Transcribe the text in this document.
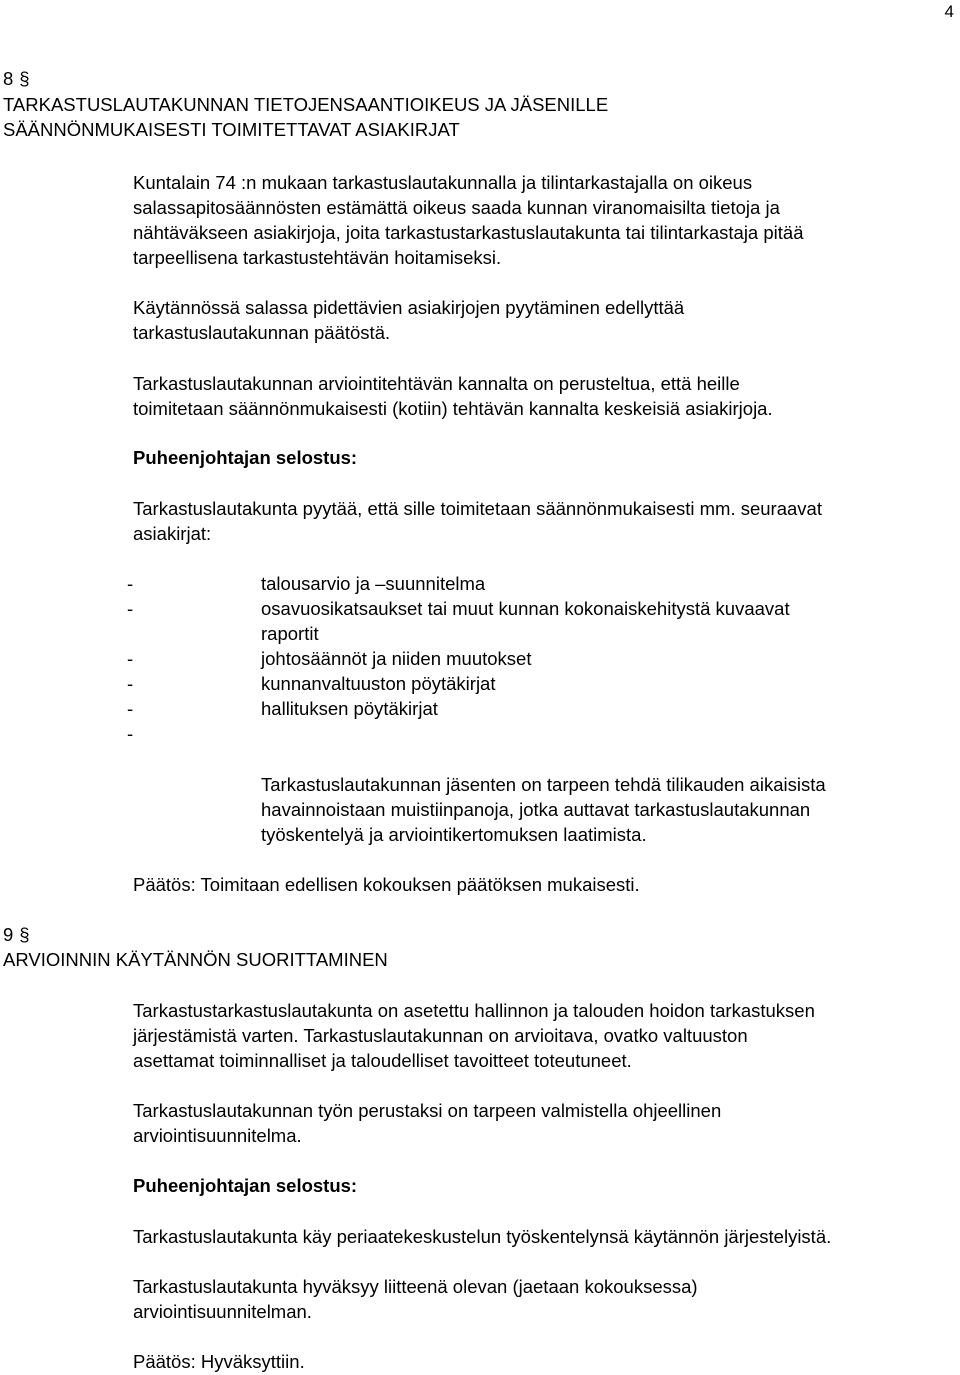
4
8 §
TARKASTUSLAUTAKUNNAN TIETOJENSAANTIOIKEUS JA JÄSENILLE
SÄÄNNÖNMUKAISESTI TOIMITETTAVAT ASIAKIRJAT
Kuntalain 74 :n mukaan tarkastuslautakunnalla ja tilintarkastajalla on oikeus
salassapitosäännösten estämättä oikeus saada kunnan viranomaisilta tietoja ja
nähtäväkseen asiakirjoja, joita tarkastustarkastuslautakunta tai tilintarkastaja pitää
tarpeellisena tarkastustehtävän hoitamiseksi.
Käytännössä salassa pidettävien asiakirjojen pyytäminen edellyttää
tarkastuslautakunnan päätöstä.
Tarkastuslautakunnan arviointitehtävän kannalta on perusteltua, että heille
toimitetaan säännönmukaisesti (kotiin) tehtävän kannalta keskeisiä asiakirjoja.
Puheenjohtajan selostus:
Tarkastuslautakunta pyytää, että sille toimitetaan säännönmukaisesti mm. seuraavat
asiakirjat:
-	talousarvio ja –suunnitelma
-	osavuosikatsaukset tai muut kunnan kokonaiskehitystä kuvaavat
raportit
-	johtosäännöt ja niiden muutokset
-	kunnanvaltuuston pöytäkirjat
-	hallituksen pöytäkirjat
-
Tarkastuslautakunnan jäsenten on tarpeen tehdä tilikauden aikaisista
havainnoistaan muistiinpanoja, jotka auttavat tarkastuslautakunnan
työskentelyä ja arviointikertomuksen laatimista.
Päätös: Toimitaan edellisen kokouksen päätöksen mukaisesti.
9 §
ARVIOINNIN KÄYTÄNNÖN SUORITTAMINEN
Tarkastustarkastuslautakunta on asetettu hallinnon ja talouden hoidon tarkastuksen
järjestämistä varten. Tarkastuslautakunnan on arvioitava, ovatko valtuuston
asettamat toiminnalliset ja taloudelliset tavoitteet toteutuneet.
Tarkastuslautakunnan työn perustaksi on tarpeen valmistella ohjeellinen
arviointisuunnitelma.
Puheenjohtajan selostus:
Tarkastuslautakunta käy periaatekeskustelun työskentelynsä käytännön järjestelyistä.
Tarkastuslautakunta hyväksyy liitteenä olevan (jaetaan kokouksessa)
arviointisuunnitelman.
Päätös: Hyväksyttiin.
